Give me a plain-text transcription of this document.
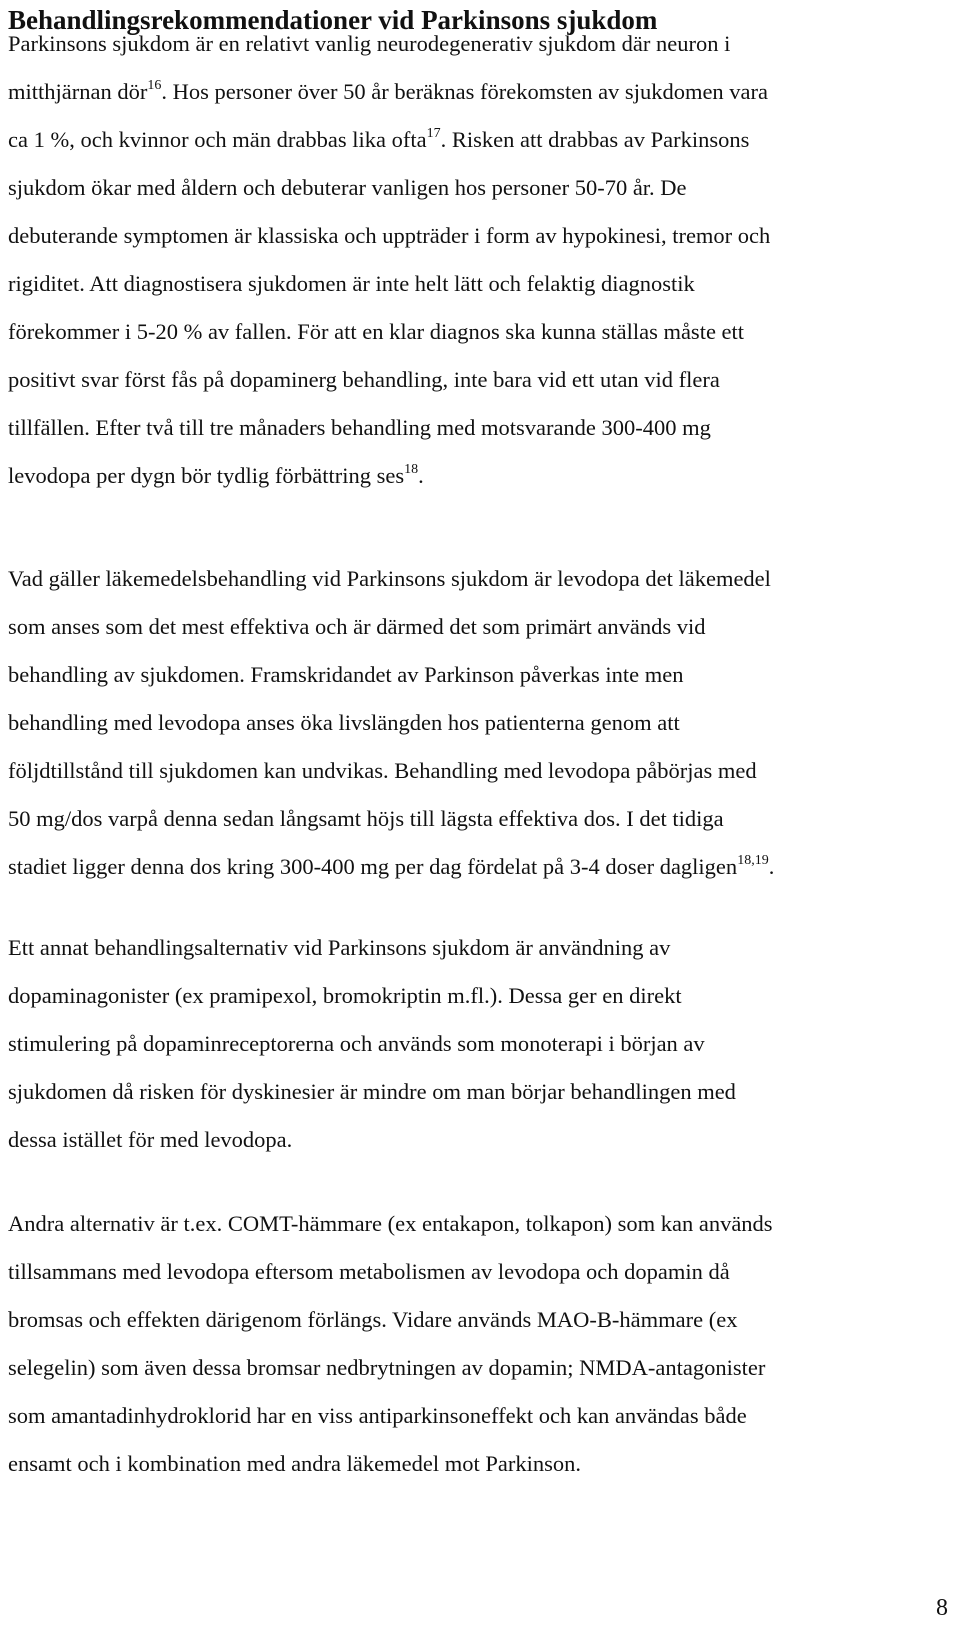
Behandlingsrekommendationer vid Parkinsons sjukdom
Parkinsons sjukdom är en relativt vanlig neurodegenerativ sjukdom där neuron i
mitthjärnan dör$^{16}$. Hos personer över 50 år beräknas förekomsten av sjukdomen vara
ca 1 %, och kvinnor och män drabbas lika ofta$^{17}$. Risken att drabbas av Parkinsons
sjukdom ökar med åldern och debuterar vanligen hos personer 50-70 år. De
debuterande symptomen är klassiska och uppträder i form av hypokinesi, tremor och
rigiditet. Att diagnostisera sjukdomen är inte helt lätt och felaktig diagnostik
förekommer i 5-20 % av fallen. För att en klar diagnos ska kunna ställas måste ett
positivt svar först fås på dopaminerg behandling, inte bara vid ett utan vid flera
tillfällen. Efter två till tre månaders behandling med motsvarande 300-400 mg
levodopa per dygn bör tydlig förbättring ses$^{18}$.
Vad gäller läkemedelsbehandling vid Parkinsons sjukdom är levodopa det läkemedel
som anses som det mest effektiva och är därmed det som primärt används vid
behandling av sjukdomen. Framskridandet av Parkinson påverkas inte men
behandling med levodopa anses öka livslängden hos patienterna genom att
följdtillstånd till sjukdomen kan undvikas. Behandling med levodopa påbörjas med
50 mg/dos varpå denna sedan långsamt höjs till lägsta effektiva dos. I det tidiga
stadiet ligger denna dos kring 300-400 mg per dag fördelat på 3-4 doser dagligen$^{18,19}$.
Ett annat behandlingsalternativ vid Parkinsons sjukdom är användning av
dopaminagonister (ex pramipexol, bromokriptin m.fl.). Dessa ger en direkt
stimulering på dopaminreceptorerna och används som monoterapi i början av
sjukdomen då risken för dyskinesier är mindre om man börjar behandlingen med
dessa istället för med levodopa.
Andra alternativ är t.ex. COMT-hämmare (ex entakapon, tolkapon) som kan används
tillsammans med levodopa eftersom metabolismen av levodopa och dopamin då
bromsas och effekten därigenom förlängs. Vidare används MAO-B-hämmare (ex
selegelin) som även dessa bromsar nedbrytningen av dopamin; NMDA-antagonister
som amantadinhydroklorid har en viss antiparkinsoneffekt och kan användas både
ensamt och i kombination med andra läkemedel mot Parkinson.
8
